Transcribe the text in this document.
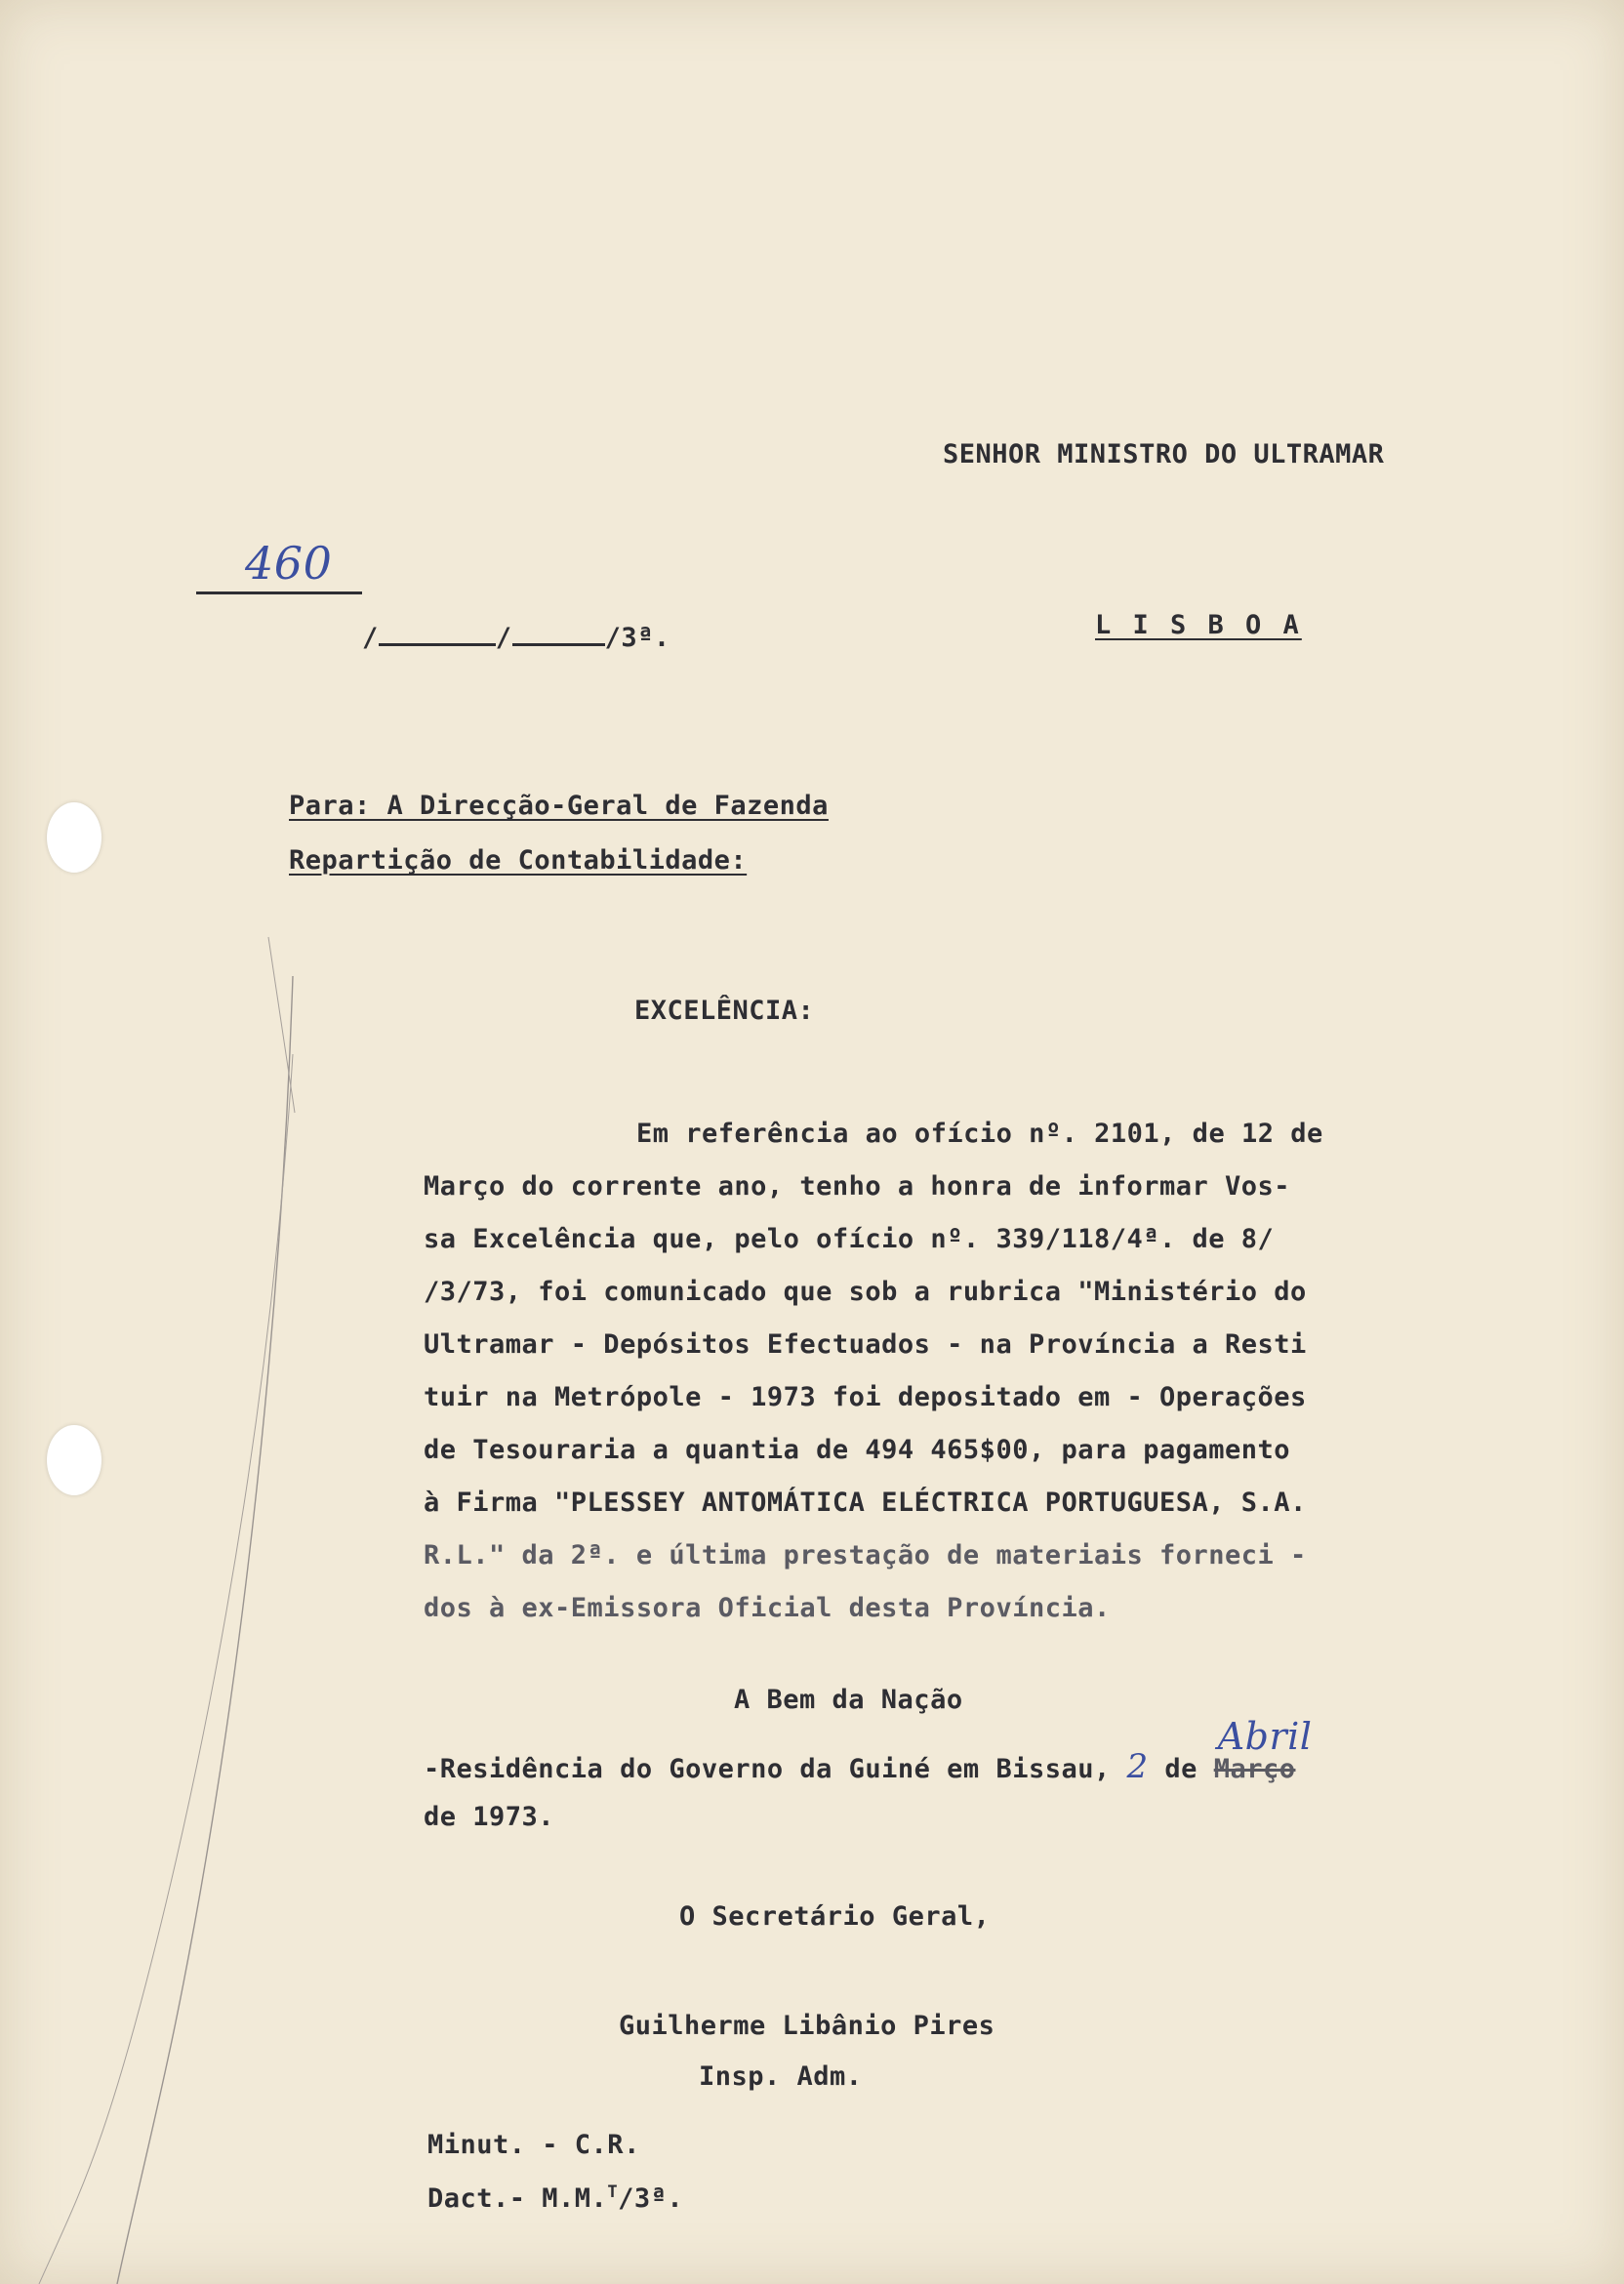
SENHOR MINISTRO DO ULTRAMAR

460

/	/	/3ª.
	L I S B O A
Para: A Direcção-Geral de Fazenda
Repartição de Contabilidade:
EXCELÊNCIA:
Em referência ao ofício nº. 2101, de 12 de
Março do corrente ano, tenho a honra de informar Vos-
sa Excelência que, pelo ofício nº. 339/118/4ª. de 8/
/3/73, foi comunicado que sob a rubrica "Ministério do
Ultramar - Depósitos Efectuados - na Província a Resti
tuir na Metrópole - 1973 foi depositado em - Operações
de Tesouraria a quantia de 494 465$00, para pagamento
à Firma "PLESSEY ANTOMÁTICA ELÉCTRICA PORTUGUESA, S.A.
R.L." da 2ª. e última prestação de materiais forneci -
dos à ex-Emissora Oficial desta Província.
A Bem da Nação
-Residência do Governo da Guiné em Bissau, 2 de Março
Abril
de 1973.
O Secretário Geral,
Guilherme Libânio Pires
Insp. Adm.
Minut. - C.R.
Dact.- M.M.$^T$/3ª.
